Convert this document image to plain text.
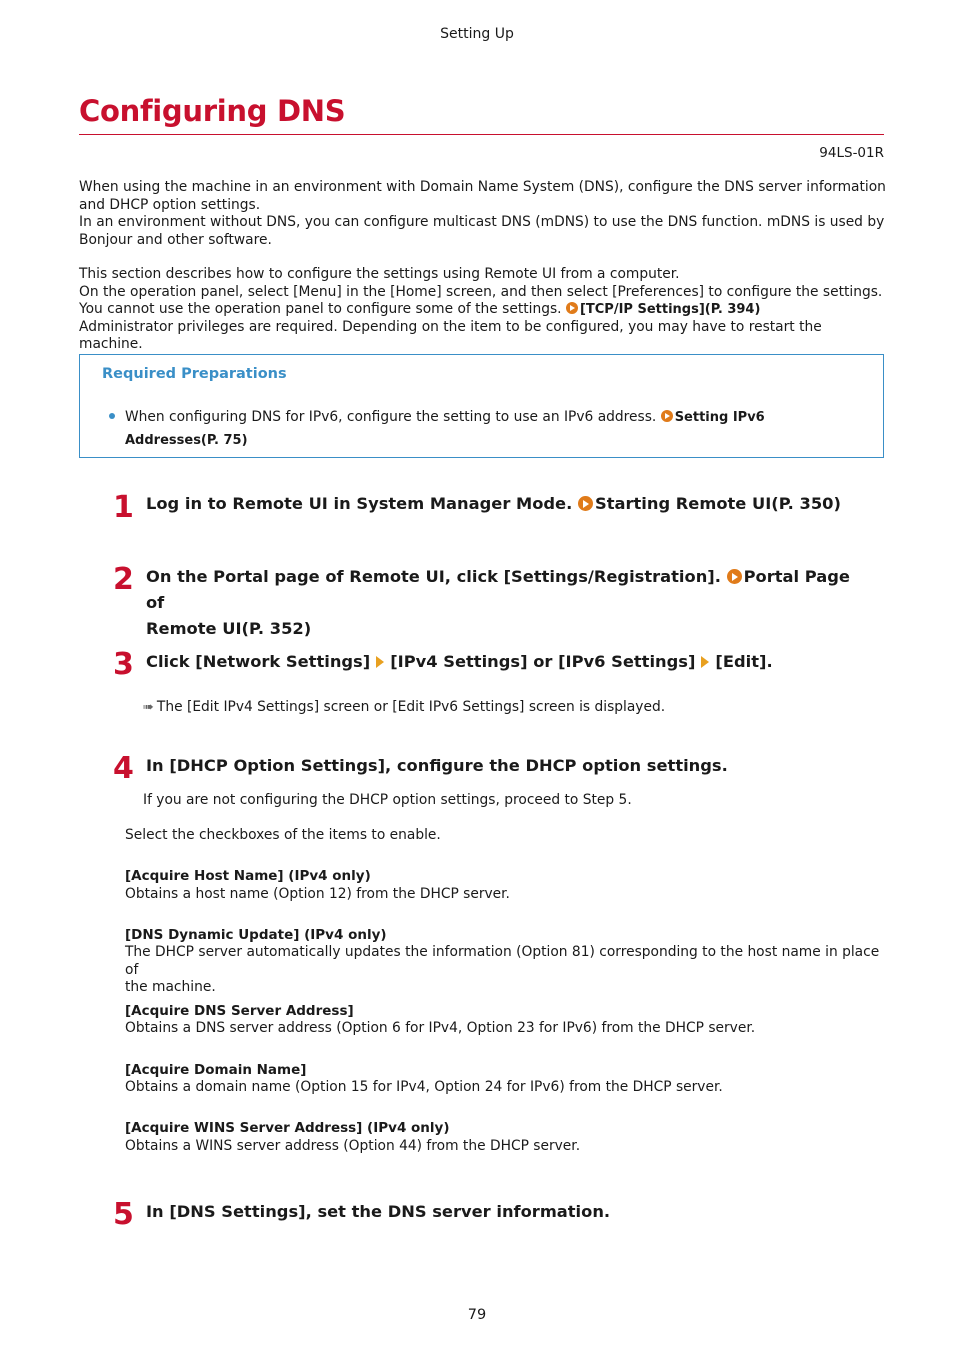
Setting Up
Configuring DNS
94LS-01R
When using the machine in an environment with Domain Name System (DNS), configure the DNS server information
and DHCP option settings.
In an environment without DNS, you can configure multicast DNS (mDNS) to use the DNS function. mDNS is used by
Bonjour and other software.
This section describes how to configure the settings using Remote UI from a computer.
On the operation panel, select [Menu] in the [Home] screen, and then select [Preferences] to configure the settings.
You cannot use the operation panel to configure some of the settings. [TCP/IP Settings](P. 394)
Administrator privileges are required. Depending on the item to be configured, you may have to restart the machine.
Required Preparations
When configuring DNS for IPv6, configure the setting to use an IPv6 address. Setting IPv6
Addresses(P. 75)
1 Log in to Remote UI in System Manager Mode. Starting Remote UI(P. 350)
2 On the Portal page of Remote UI, click [Settings/Registration]. Portal Page of
Remote UI(P. 352)
3 Click [Network Settings] [IPv4 Settings] or [IPv6 Settings] [Edit].
➠ The [Edit IPv4 Settings] screen or [Edit IPv6 Settings] screen is displayed.
4 In [DHCP Option Settings], configure the DHCP option settings.
If you are not configuring the DHCP option settings, proceed to Step 5.
Select the checkboxes of the items to enable.
[Acquire Host Name] (IPv4 only)
Obtains a host name (Option 12) from the DHCP server.
[DNS Dynamic Update] (IPv4 only)
The DHCP server automatically updates the information (Option 81) corresponding to the host name in place of
the machine.
[Acquire DNS Server Address]
Obtains a DNS server address (Option 6 for IPv4, Option 23 for IPv6) from the DHCP server.
[Acquire Domain Name]
Obtains a domain name (Option 15 for IPv4, Option 24 for IPv6) from the DHCP server.
[Acquire WINS Server Address] (IPv4 only)
Obtains a WINS server address (Option 44) from the DHCP server.
5 In [DNS Settings], set the DNS server information.
79
